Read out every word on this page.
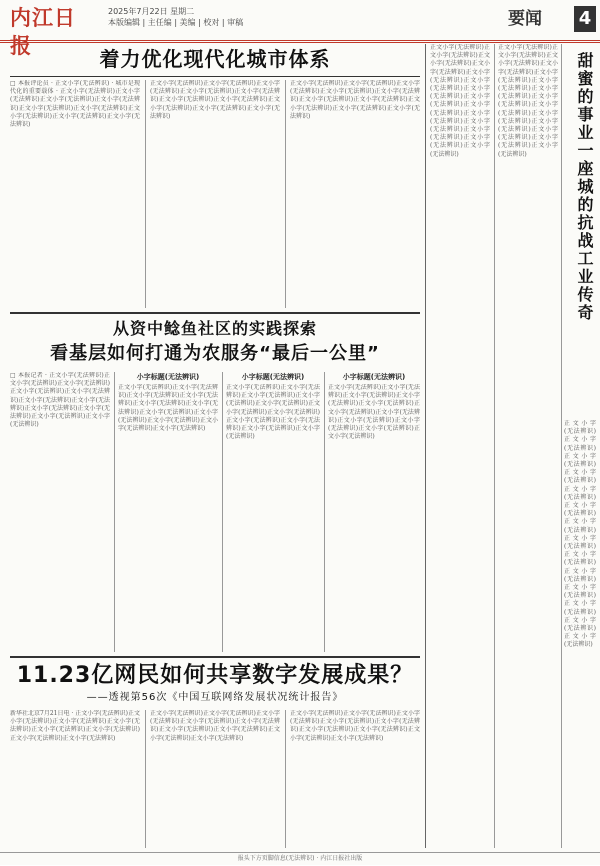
内江日报
2025年7月22日 星期二
本版编辑 | 主任编 | 美编 | 校对 | 审稿	要闻	4
着力优化现代化城市体系
□ 本报评论员 · 正文小字(无法辨识) · 城市是现代化的重要载体 · 正文小字(无法辨识)正文小字(无法辨识)正文小字(无法辨识)正文小字(无法辨识)正文小字(无法辨识)正文小字(无法辨识)正文小字(无法辨识)正文小字(无法辨识)正文小字(无法辨识)
正文小字(无法辨识)正文小字(无法辨识)正文小字(无法辨识)正文小字(无法辨识)正文小字(无法辨识)正文小字(无法辨识)正文小字(无法辨识)正文小字(无法辨识)正文小字(无法辨识)正文小字(无法辨识)
正文小字(无法辨识)正文小字(无法辨识)正文小字(无法辨识)正文小字(无法辨识)正文小字(无法辨识)正文小字(无法辨识)正文小字(无法辨识)正文小字(无法辨识)正文小字(无法辨识)正文小字(无法辨识)
从资中鲶鱼社区的实践探索
看基层如何打通为农服务“最后一公里”
□ 本报记者 · 正文小字(无法辨识)正文小字(无法辨识)正文小字(无法辨识)正文小字(无法辨识)正文小字(无法辨识)正文小字(无法辨识)正文小字(无法辨识)正文小字(无法辨识)正文小字(无法辨识)正文小字(无法辨识)正文小字(无法辨识)
小字标题(无法辨识)
正文小字(无法辨识)正文小字(无法辨识)正文小字(无法辨识)正文小字(无法辨识)正文小字(无法辨识)正文小字(无法辨识)正文小字(无法辨识)正文小字(无法辨识)正文小字(无法辨识)正文小字(无法辨识)正文小字(无法辨识)
小字标题(无法辨识)
正文小字(无法辨识)正文小字(无法辨识)正文小字(无法辨识)正文小字(无法辨识)正文小字(无法辨识)正文小字(无法辨识)正文小字(无法辨识)正文小字(无法辨识)正文小字(无法辨识)正文小字(无法辨识)正文小字(无法辨识)
小字标题(无法辨识)
正文小字(无法辨识)正文小字(无法辨识)正文小字(无法辨识)正文小字(无法辨识)正文小字(无法辨识)正文小字(无法辨识)正文小字(无法辨识)正文小字(无法辨识)正文小字(无法辨识)正文小字(无法辨识)正文小字(无法辨识)
11.23亿网民如何共享数字发展成果？
——透视第56次《中国互联网络发展状况统计报告》
新华社北京7月21日电 · 正文小字(无法辨识)正文小字(无法辨识)正文小字(无法辨识)正文小字(无法辨识)正文小字(无法辨识)正文小字(无法辨识)正文小字(无法辨识)正文小字(无法辨识)
正文小字(无法辨识)正文小字(无法辨识)正文小字(无法辨识)正文小字(无法辨识)正文小字(无法辨识)正文小字(无法辨识)正文小字(无法辨识)正文小字(无法辨识)正文小字(无法辨识)
正文小字(无法辨识)正文小字(无法辨识)正文小字(无法辨识)正文小字(无法辨识)正文小字(无法辨识)正文小字(无法辨识)正文小字(无法辨识)正文小字(无法辨识)正文小字(无法辨识)
正文小字(无法辨识)正文小字(无法辨识)正文小字(无法辨识)正文小字(无法辨识)正文小字(无法辨识)正文小字(无法辨识)正文小字(无法辨识)正文小字(无法辨识)正文小字(无法辨识)正文小字(无法辨识)正文小字(无法辨识)正文小字(无法辨识)正文小字(无法辨识)正文小字(无法辨识)
正文小字(无法辨识)正文小字(无法辨识)正文小字(无法辨识)正文小字(无法辨识)正文小字(无法辨识)正文小字(无法辨识)正文小字(无法辨识)正文小字(无法辨识)正文小字(无法辨识)正文小字(无法辨识)正文小字(无法辨识)正文小字(无法辨识)正文小字(无法辨识)正文小字(无法辨识)	甜蜜的事业一座城的抗战工业传奇
正文小字(无法辨识)正文小字(无法辨识)正文小字(无法辨识)正文小字(无法辨识)正文小字(无法辨识)正文小字(无法辨识)正文小字(无法辨识)正文小字(无法辨识)正文小字(无法辨识)正文小字(无法辨识)正文小字(无法辨识)正文小字(无法辨识)正文小字(无法辨识)正文小字(无法辨识)
报头下方页脚信息(无法辨识) · 内江日报社出版
